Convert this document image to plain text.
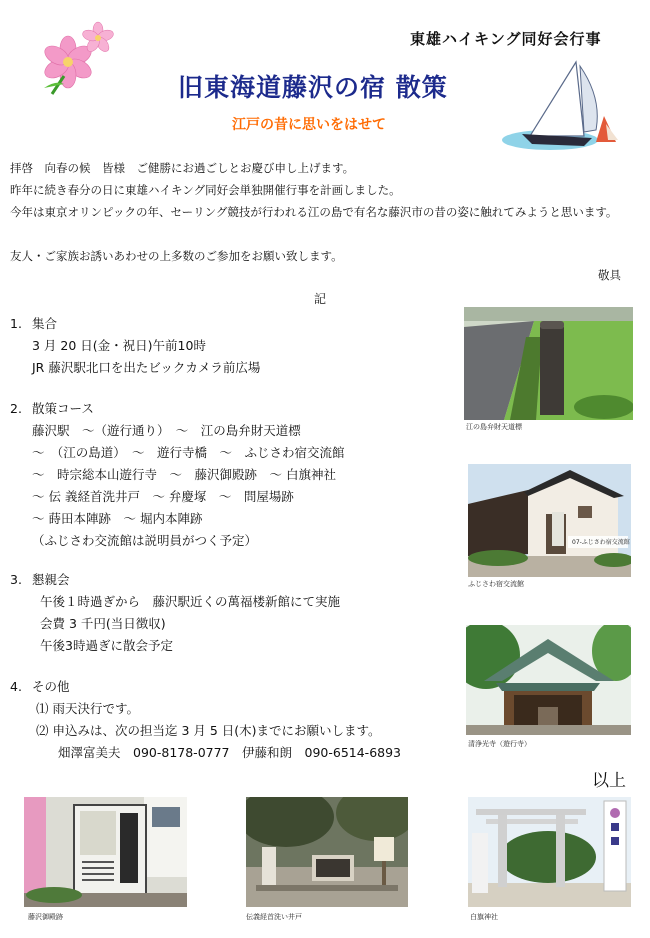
東雄ハイキング同好会行事
旧東海道藤沢の宿 散策
江戸の昔に思いをはせて
拝啓　向春の候　皆様　ご健勝にお過ごしとお慶び申し上げます。
昨年に続き春分の日に東雄ハイキング同好会単独開催行事を計画しました。
今年は東京オリンピックの年、セーリング競技が行われる江の島で有名な藤沢市の昔の姿に触れてみようと思います。
友人・ご家族お誘いあわせの上多数のご参加をお願い致します。
敬具
記
1. 集合
3 月 20 日(金・祝日)午前10時
JR 藤沢駅北口を出たビックカメラ前広場
2. 散策コース
藤沢駅　～（遊行通り）　～　江の島弁財天道標
～　（江の島道）　～　遊行寺橋　～　ふじさわ宿交流館
～　時宗総本山遊行寺　～　藤沢御殿跡　～ 白旗神社
～ 伝 義経首洗井戸　～ 弁慶塚　～　問屋場跡
～ 蒔田本陣跡　～ 堀内本陣跡
（ふじさわ交流館は説明員がつく予定）
3. 懇親会
午後１時過ぎから　藤沢駅近くの萬福楼新館にて実施
会費 3 千円(当日徴収)
午後3時過ぎに散会予定
4. その他
⑴ 雨天決行です。
⑵ 申込みは、次の担当迄 3 月 5 日(木)までにお願いします。
畑澤富美夫　090-8178-0777　伊藤和朗　090-6514-6893
以上
江の島弁財天道標
07-ふじさわ宿交流館
ふじさわ宿交流館
清浄光寺（遊行寺）
藤沢御殿跡	伝義経首洗い井戸	白旗神社
